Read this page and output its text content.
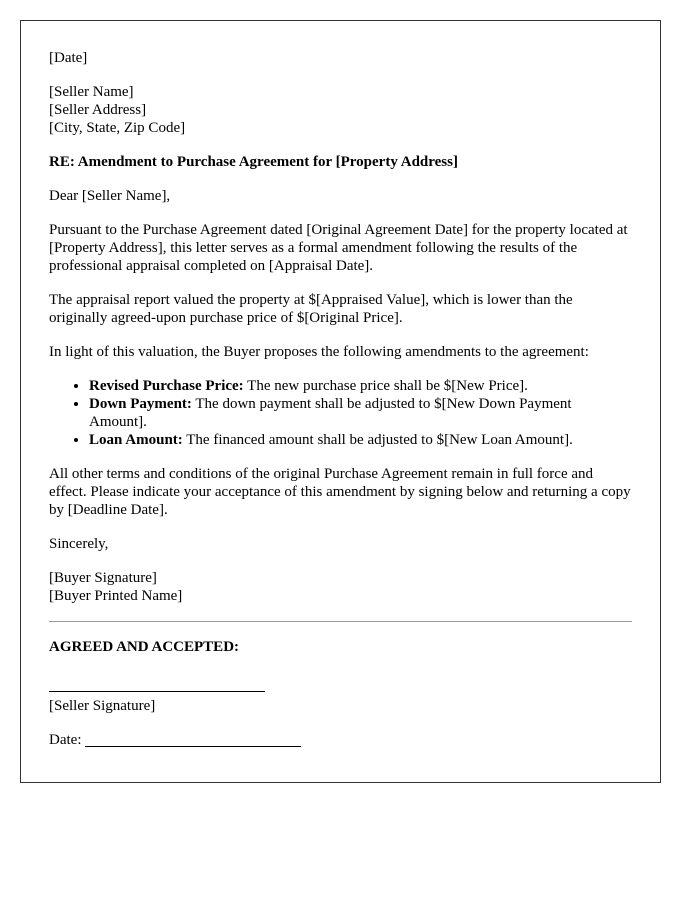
[Date]

[Seller Name]
[Seller Address]
[City, State, Zip Code]

RE: Amendment to Purchase Agreement for [Property Address]

Dear [Seller Name],

Pursuant to the Purchase Agreement dated [Original Agreement Date] for the property located at [Property Address], this letter serves as a formal amendment following the results of the professional appraisal completed on [Appraisal Date].

The appraisal report valued the property at $[Appraised Value], which is lower than the originally agreed-upon purchase price of $[Original Price].

In light of this valuation, the Buyer proposes the following amendments to the agreement:

• Revised Purchase Price: The new purchase price shall be $[New Price].
• Down Payment: The down payment shall be adjusted to $[New Down Payment Amount].
• Loan Amount: The financed amount shall be adjusted to $[New Loan Amount].

All other terms and conditions of the original Purchase Agreement remain in full force and effect. Please indicate your acceptance of this amendment by signing below and returning a copy by [Deadline Date].

Sincerely,

[Buyer Signature]
[Buyer Printed Name]

AGREED AND ACCEPTED:

[Seller Signature]

Date:
